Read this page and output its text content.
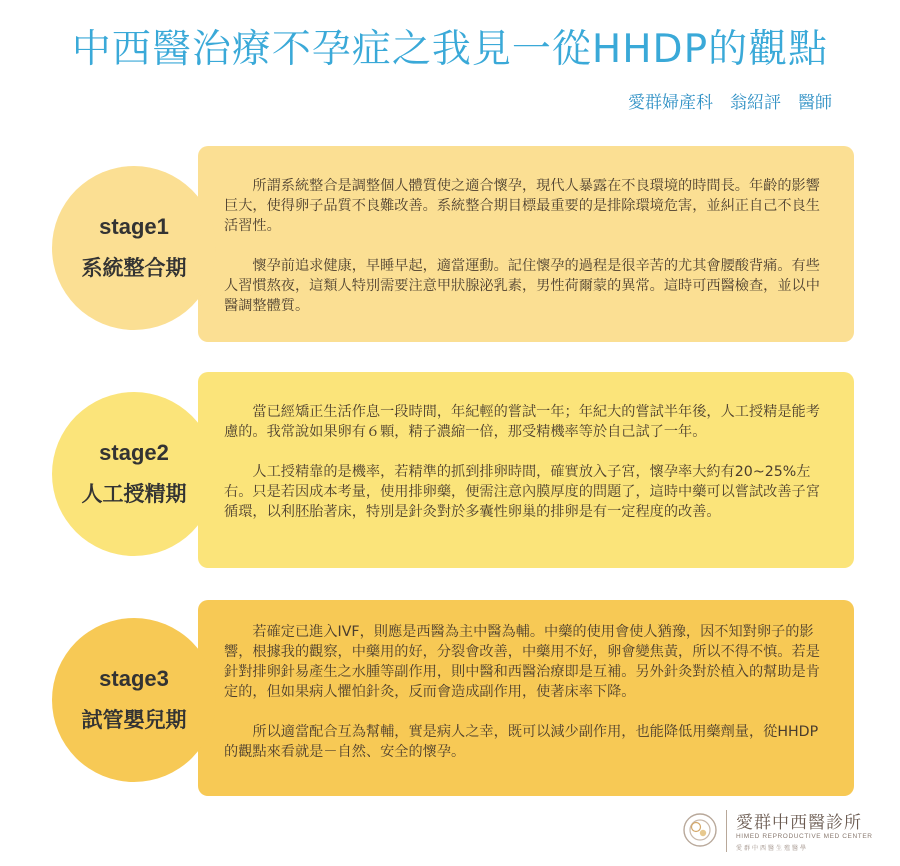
中西醫治療不孕症之我見一從HHDP的觀點
愛群婦產科　翁紹評　醫師

所謂系統整合是調整個人體質使之適合懷孕，現代人暴露在不良環境的時間長。年齡的影響巨大，使得卵子品質不良難改善。系統整合期目標最重要的是排除環境危害，並糾正自己不良生活習性。

懷孕前追求健康，早睡早起，適當運動。記住懷孕的過程是很辛苦的尤其會腰酸背痛。有些人習慣熬夜，這類人特別需要注意甲狀腺泌乳素，男性荷爾蒙的異常。這時可西醫檢查，並以中醫調整體質。

stage1
系統整合期

當已經矯正生活作息一段時間，年紀輕的嘗試一年；年紀大的嘗試半年後，人工授精是能考慮的。我常說如果卵有６顆，精子濃縮一倍，那受精機率等於自己試了一年。

人工授精靠的是機率，若精準的抓到排卵時間，確實放入子宮，懷孕率大約有20~25%左右。只是若因成本考量，使用排卵藥，便需注意內膜厚度的問題了，這時中藥可以嘗試改善子宮循環，以利胚胎著床，特別是針灸對於多囊性卵巢的排卵是有一定程度的改善。

stage2
人工授精期

若確定已進入IVF，則應是西醫為主中醫為輔。中藥的使用會使人猶豫，因不知對卵子的影響，根據我的觀察，中藥用的好，分裂會改善，中藥用不好，卵會變焦黃，所以不得不慎。若是針對排卵針易產生之水腫等副作用，則中醫和西醫治療即是互補。另外針灸對於植入的幫助是肯定的，但如果病人懼怕針灸，反而會造成副作用，使著床率下降。

所以適當配合互為幫輔，實是病人之幸，既可以減少副作用，也能降低用藥劑量，從HHDP的觀點來看就是－自然、安全的懷孕。

stage3
試管嬰兒期
愛群中西醫診所
HIMED REPRODUCTIVE MED CENTER
愛群中西醫生殖醫學
